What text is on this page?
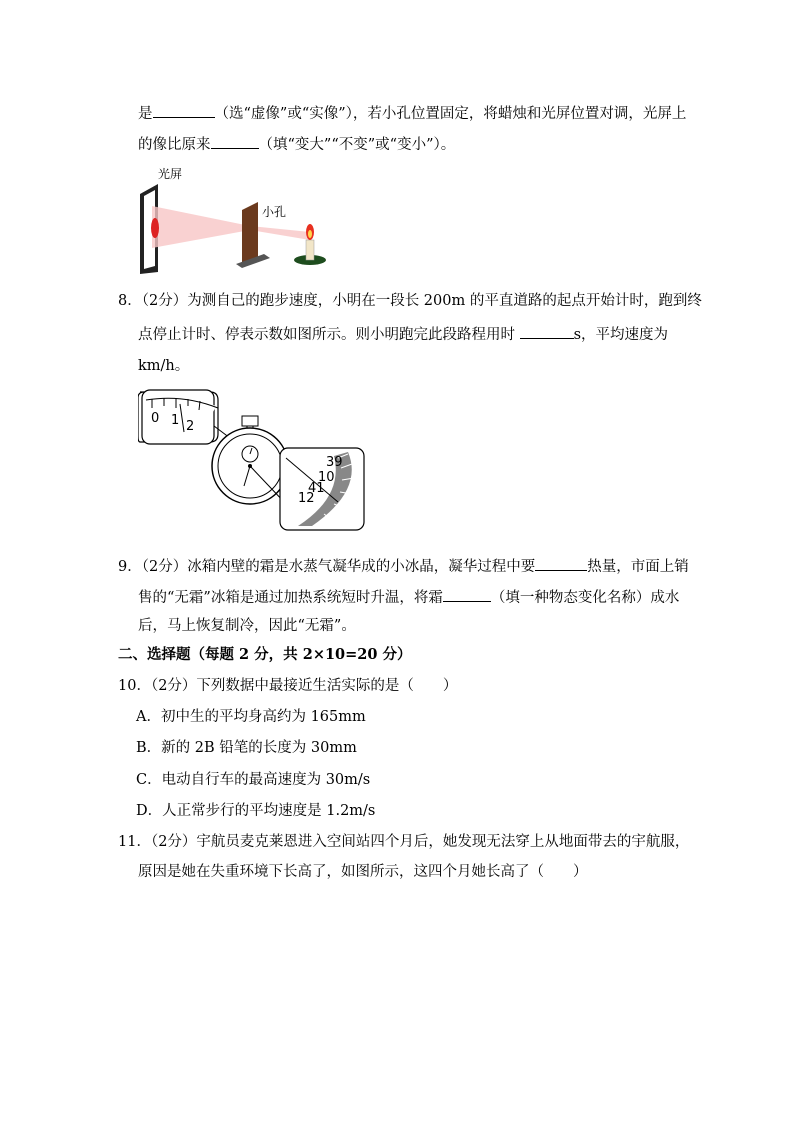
是	（选“虚像”或“实像”），若小孔位置固定，将蜡烛和光屏位置对调，光屏上
的像比原来	（填“变大”“不变”或“变小”）。
光屏
小孔
8．（2分）为测自己的跑步速度，小明在一段长 200m 的平直道路的起点开始计时，跑到终
点停止计时、停表示数如图所示。则小明跑完此段路程用时	s，平均速度为
km/h。
0 1 2
39
10
41
12
9．（2分）冰箱内壁的霜是水蒸气凝华成的小冰晶，凝华过程中要	热量，市面上销
售的“无霜”冰箱是通过加热系统短时升温，将霜	（填一种物态变化名称）成水
后，马上恢复制冷，因此“无霜”。
二、选择题（每题 2 分，共 2×10=20 分）
10．（2分）下列数据中最接近生活实际的是（　　）
A．初中生的平均身高约为 165mm
B．新的 2B 铅笔的长度为 30mm
C．电动自行车的最高速度为 30m/s
D．人正常步行的平均速度是 1.2m/s
11．（2分）宇航员麦克莱恩进入空间站四个月后，她发现无法穿上从地面带去的宇航服，
原因是她在失重环境下长高了，如图所示，这四个月她长高了（　　）
